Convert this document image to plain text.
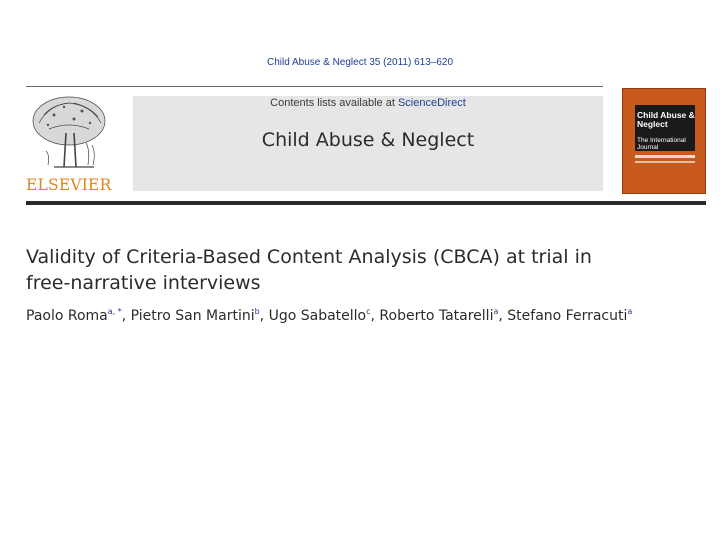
Child Abuse & Neglect 35 (2011) 613–620
ELSEVIER
Contents lists available at ScienceDirect
Child Abuse & Neglect
Child Abuse & Neglect
The International Journal
Validity of Criteria-Based Content Analysis (CBCA) at trial in
free-narrative interviews
Paolo Roma$^{a, *}$, Pietro San Martini$^b$, Ugo Sabatello$^c$, Roberto Tatarelli$^a$, Stefano Ferracuti$^a$
